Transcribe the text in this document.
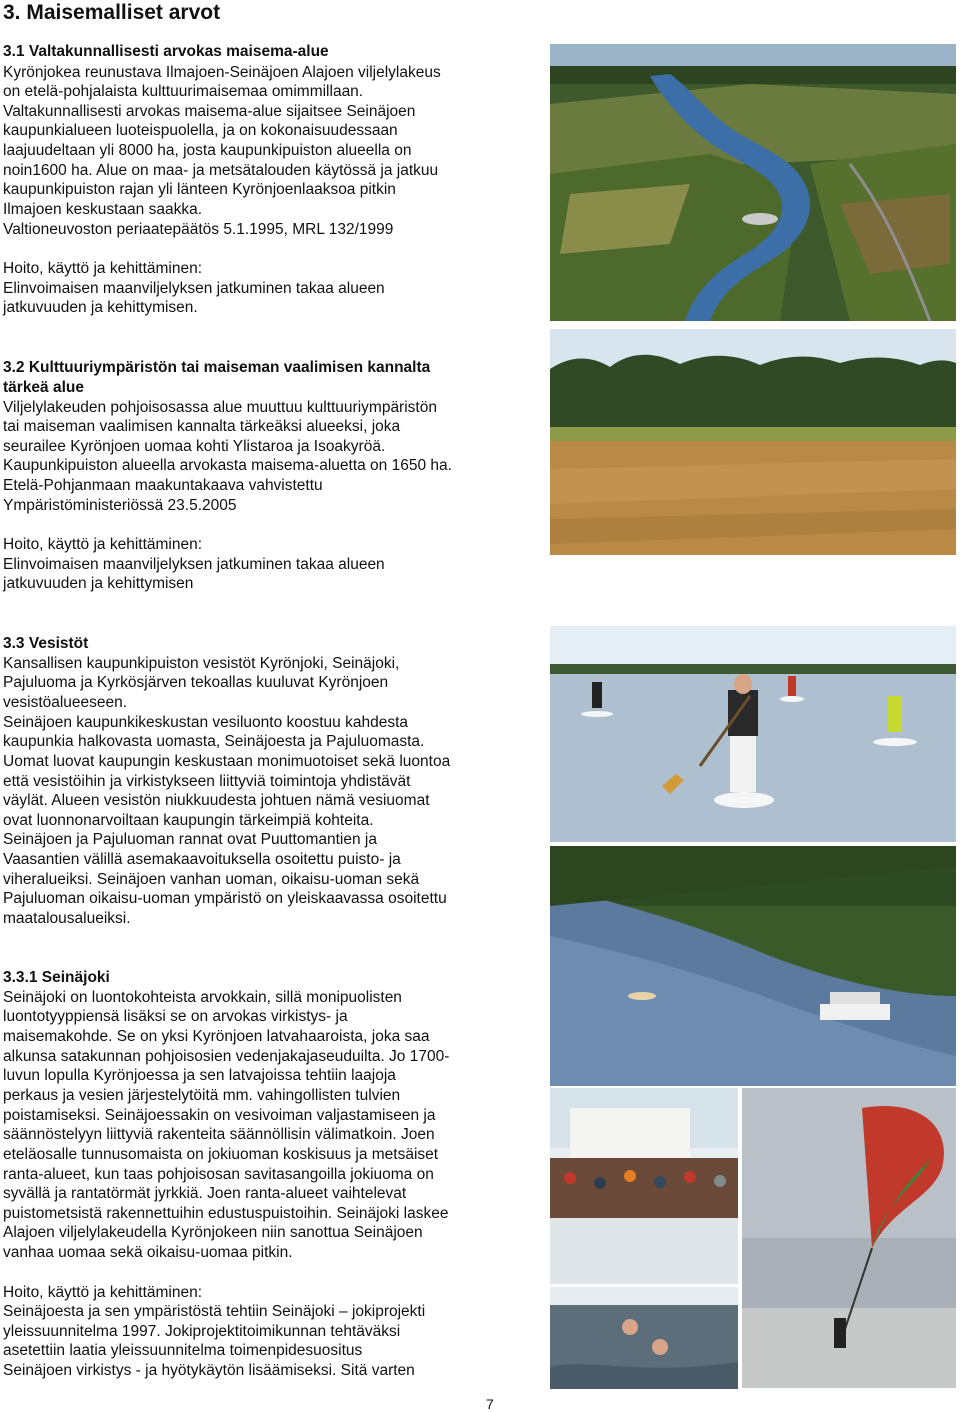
3. Maisemalliset arvot

3.1 Valtakunnallisesti arvokas maisema-alue

Kyrönjokea reunustava Ilmajoen-Seinäjoen Alajoen viljelylakeus

on etelä-pohjalaista kulttuurimaisemaa omimmillaan.

Valtakunnallisesti arvokas maisema-alue sijaitsee Seinäjoen

kaupunkialueen luoteispuolella, ja on kokonaisuudessaan

laajuudeltaan yli 8000 ha, josta kaupunkipuiston alueella on

noin1600 ha. Alue on maa- ja metsätalouden käytössä ja jatkuu

kaupunkipuiston rajan yli länteen Kyrönjoenlaaksoa pitkin

Ilmajoen keskustaan saakka.

Valtioneuvoston periaatepäätös 5.1.1995, MRL 132/1999

Hoito, käyttö ja kehittäminen:

Elinvoimaisen maanviljelyksen jatkuminen takaa alueen

jatkuvuuden ja kehittymisen.

3.2 Kulttuuriympäristön tai maiseman vaalimisen kannalta

tärkeä alue

Viljelylakeuden pohjoisosassa alue muuttuu kulttuuriympäristön

tai maiseman vaalimisen kannalta tärkeäksi alueeksi, joka

seurailee Kyrönjoen uomaa kohti Ylistaroa ja Isoakyröä.

Kaupunkipuiston alueella arvokasta maisema-aluetta on 1650 ha.

Etelä-Pohjanmaan maakuntakaava vahvistettu

Ympäristöministeriössä 23.5.2005

Hoito, käyttö ja kehittäminen:

Elinvoimaisen maanviljelyksen jatkuminen takaa alueen

jatkuvuuden ja kehittymisen

3.3 Vesistöt

Kansallisen kaupunkipuiston vesistöt Kyrönjoki, Seinäjoki,

Pajuluoma ja Kyrkösjärven tekoallas kuuluvat Kyrönjoen

vesistöalueeseen.

Seinäjoen kaupunkikeskustan vesiluonto koostuu kahdesta

kaupunkia halkovasta uomasta, Seinäjoesta ja Pajuluomasta.

Uomat luovat kaupungin keskustaan monimuotoiset sekä luontoa

että vesistöihin ja virkistykseen liittyviä toimintoja yhdistävät

väylät. Alueen vesistön niukkuudesta johtuen nämä vesiuomat

ovat luonnonarvoiltaan kaupungin tärkeimpiä kohteita.

Seinäjoen ja Pajuluoman rannat ovat Puuttomantien ja

Vaasantien välillä asemakaavoituksella osoitettu puisto- ja

viheralueiksi. Seinäjoen vanhan uoman, oikaisu-uoman sekä

Pajuluoman oikaisu-uoman ympäristö on yleiskaavassa osoitettu

maatalousalueiksi.

3.3.1 Seinäjoki

Seinäjoki on luontokohteista arvokkain, sillä monipuolisten

luontotyyppiensä lisäksi se on arvokas virkistys- ja

maisemakohde. Se on yksi Kyrönjoen latvahaaroista, joka saa

alkunsa satakunnan pohjoisosien vedenjakajaseuduilta. Jo 1700-

luvun lopulla Kyrönjoessa ja sen latvajoissa tehtiin laajoja

perkaus ja vesien järjestelytöitä mm. vahingollisten tulvien

poistamiseksi. Seinäjoessakin on vesivoiman valjastamiseen ja

säännöstelyyn liittyviä rakenteita säännöllisin välimatkoin. Joen

eteläosalle tunnusomaista on jokiuoman koskisuus ja metsäiset

ranta-alueet, kun taas pohjoisosan savitasangoilla jokiuoma on

syvällä ja rantatörmät jyrkkiä. Joen ranta-alueet vaihtelevat

puistometsistä rakennettuihin edustuspuistoihin. Seinäjoki laskee

Alajoen viljelylakeudella Kyrönjokeen niin sanottua Seinäjoen

vanhaa uomaa sekä oikaisu-uomaa pitkin.

Hoito, käyttö ja kehittäminen:

Seinäjoesta ja sen ympäristöstä tehtiin Seinäjoki – jokiprojekti

yleissuunnitelma 1997. Jokiprojektitoimikunnan tehtäväksi

asetettiin laatia yleissuunnitelma toimenpidesuositus

Seinäjoen virkistys - ja hyötykäytön lisäämiseksi. Sitä varten

7
